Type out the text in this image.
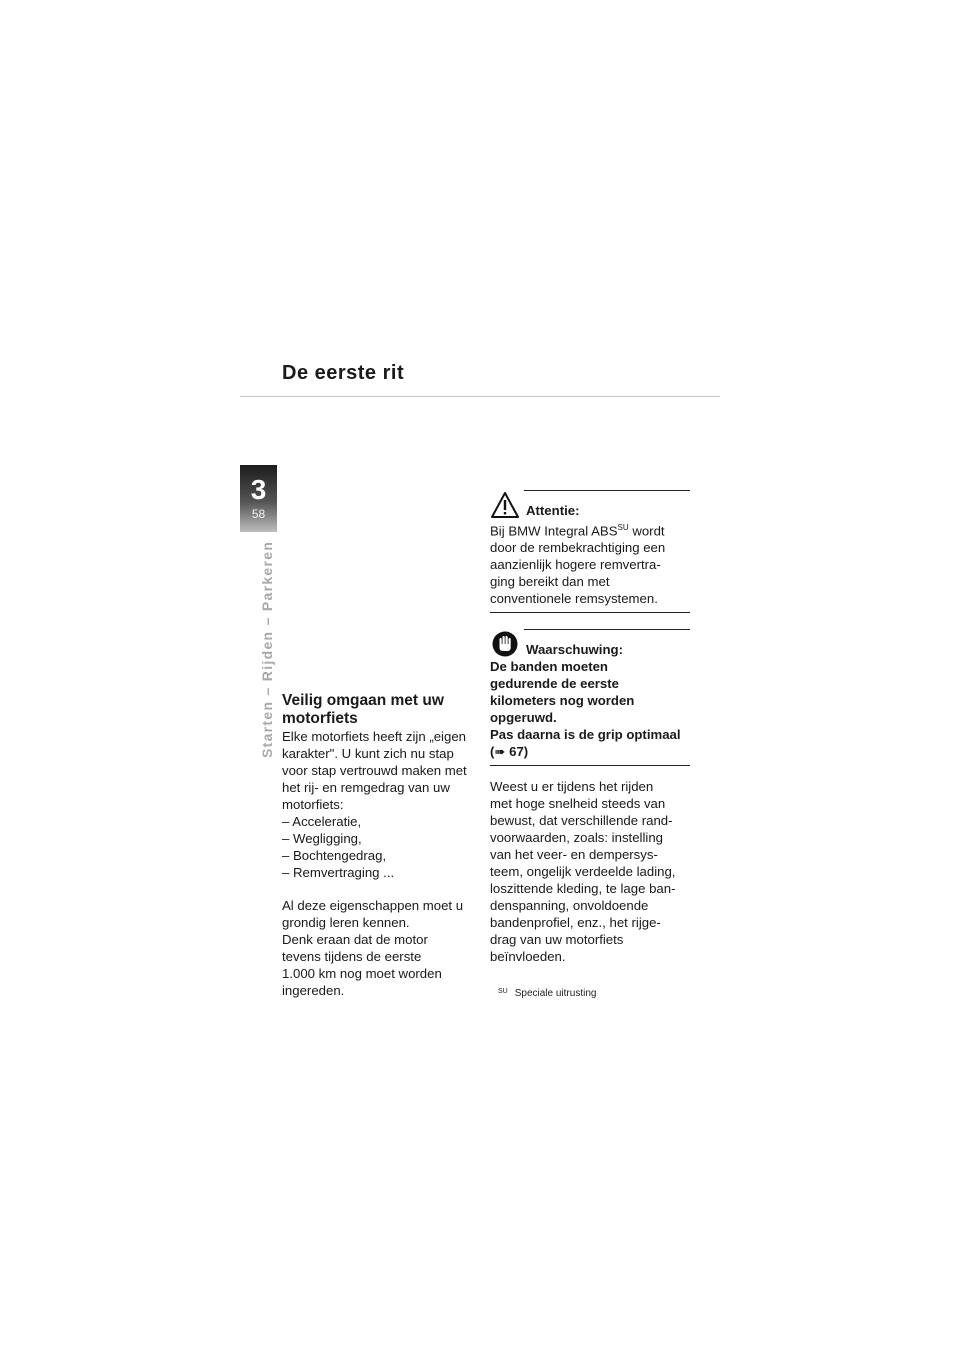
De eerste rit
3
58
Starten – Rijden – Parkeren Veilig omgaan met uw motorfiets
Elke motorfiets heeft zijn „eigen
karakter". U kunt zich nu stap
voor stap vertrouwd maken met
het rij- en remgedrag van uw
motorfiets:
– Acceleratie,
– Wegligging,
– Bochtengedrag,
– Remvertraging ...
Al deze eigenschappen moet u
grondig leren kennen.
Denk eraan dat de motor
tevens tijdens de eerste
1.000 km nog moet worden
ingereden.
Attentie:
Bij BMW Integral $ABS^{SU}$ wordt
door de rembekrachtiging een
aanzienlijk hogere remvertra-
ging bereikt dan met
conventionele remsystemen.
Waarschuwing:
De banden moeten
gedurende de eerste
kilometers nog worden
opgeruwd.
Pas daarna is de grip optimaal
(➠ 67)
Weest u er tijdens het rijden
met hoge snelheid steeds van
bewust, dat verschillende rand-
voorwaarden, zoals: instelling
van het veer- en dempersys-
teem, ongelijk verdeelde lading,
loszittende kleding, te lage ban-
denspanning, onvoldoende
bandenprofiel, enz., het rijge-
drag van uw motorfiets
beïnvloeden.
$^{SU}$ Speciale uitrusting
